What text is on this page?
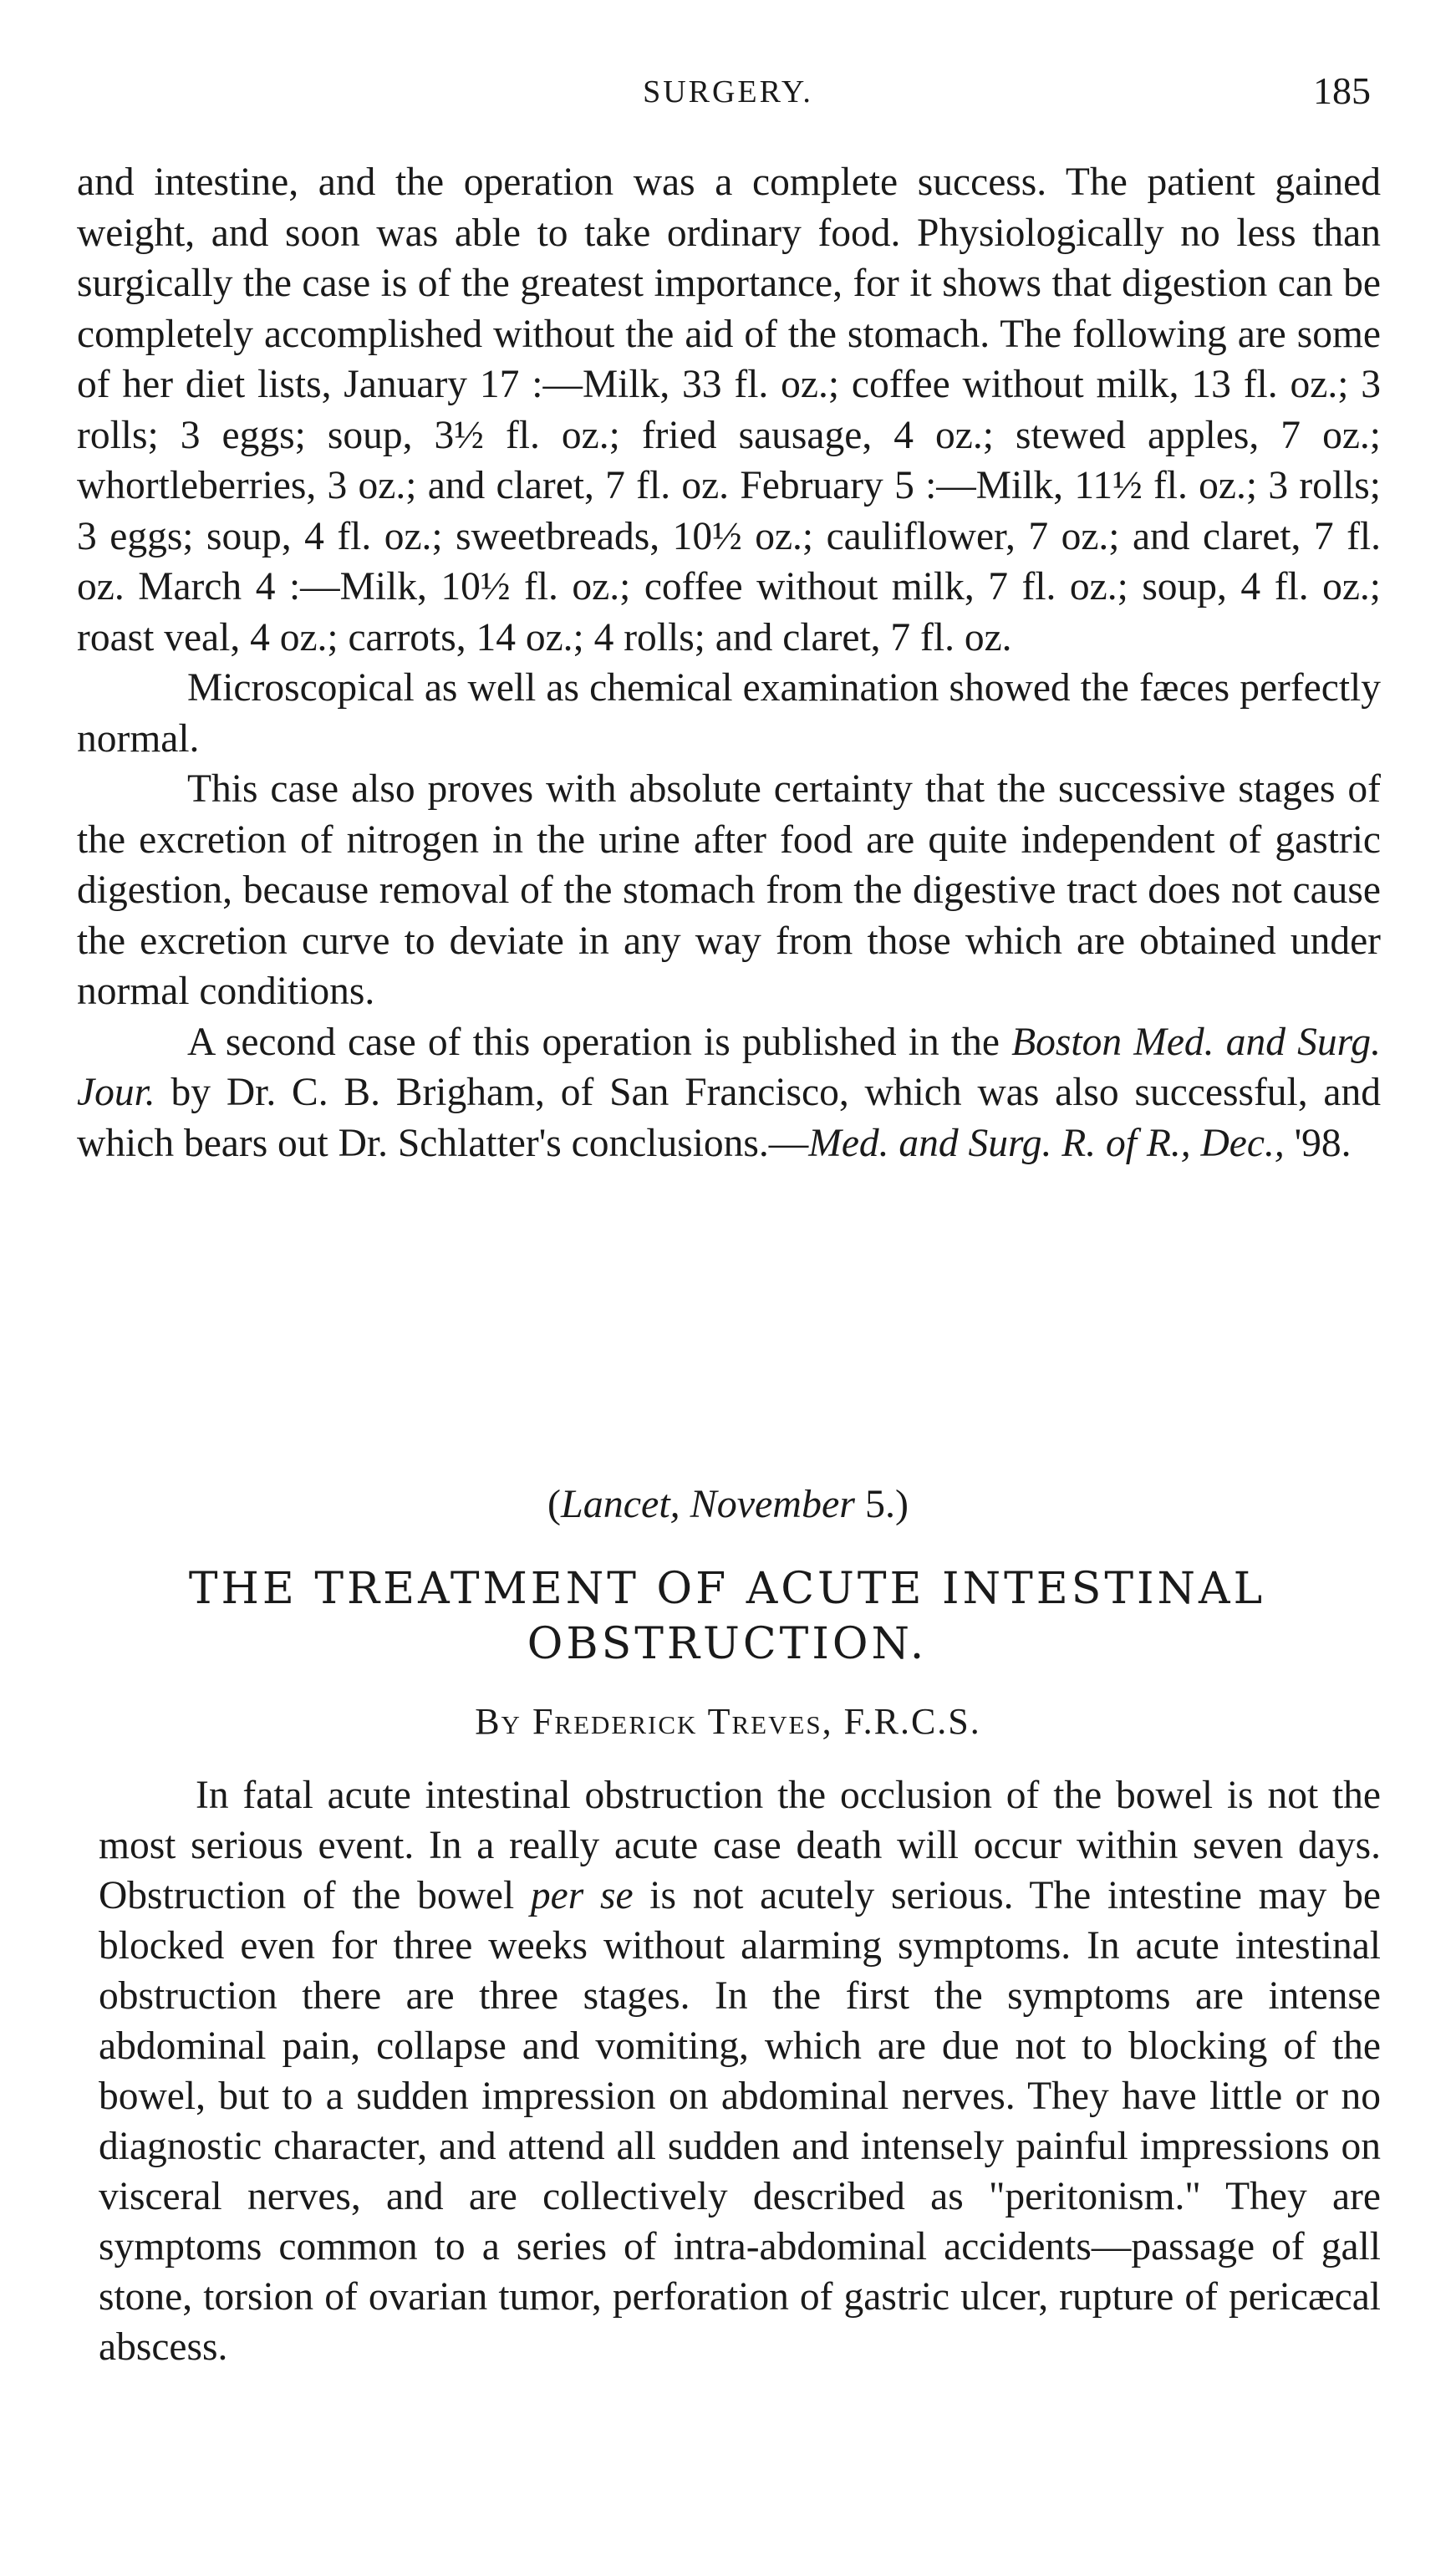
SURGERY.	185

and intestine, and the operation was a complete success. The patient gained weight, and soon was able to take ordinary food. Physiologically no less than surgically the case is of the greatest importance, for it shows that digestion can be completely accomplished without the aid of the stomach. The following are some of her diet lists, January 17 :—Milk, 33 fl. oz.; coffee without milk, 13 fl. oz.; 3 rolls; 3 eggs; soup, 3½ fl. oz.; fried sausage, 4 oz.; stewed apples, 7 oz.; whortleberries, 3 oz.; and claret, 7 fl. oz. February 5 :—Milk, 11½ fl. oz.; 3 rolls; 3 eggs; soup, 4 fl. oz.; sweetbreads, 10½ oz.; cauliflower, 7 oz.; and claret, 7 fl. oz. March 4 :—Milk, 10½ fl. oz.; coffee without milk, 7 fl. oz.; soup, 4 fl. oz.; roast veal, 4 oz.; carrots, 14 oz.; 4 rolls; and claret, 7 fl. oz.

Microscopical as well as chemical examination showed the fæces perfectly normal.

This case also proves with absolute certainty that the successive stages of the excretion of nitrogen in the urine after food are quite independent of gastric digestion, because removal of the stomach from the digestive tract does not cause the excretion curve to deviate in any way from those which are obtained under normal conditions.

A second case of this operation is published in the Boston Med. and Surg. Jour. by Dr. C. B. Brigham, of San Francisco, which was also successful, and which bears out Dr. Schlatter's conclusions.—Med. and Surg. R. of R., Dec., '98.

(Lancet, November 5.)
THE TREATMENT OF ACUTE INTESTINAL
OBSTRUCTION.
By Frederick Treves, F.R.C.S.

In fatal acute intestinal obstruction the occlusion of the bowel is not the most serious event. In a really acute case death will occur within seven days. Obstruction of the bowel per se is not acutely serious. The intestine may be blocked even for three weeks without alarming symptoms. In acute intestinal obstruction there are three stages. In the first the symptoms are intense abdominal pain, collapse and vomiting, which are due not to blocking of the bowel, but to a sudden impression on abdominal nerves. They have little or no diagnostic character, and attend all sudden and intensely painful impressions on visceral nerves, and are collectively described as "peritonism." They are symptoms common to a series of intra-abdominal accidents—passage of gall stone, torsion of ovarian tumor, perforation of gastric ulcer, rupture of pericæcal abscess.
